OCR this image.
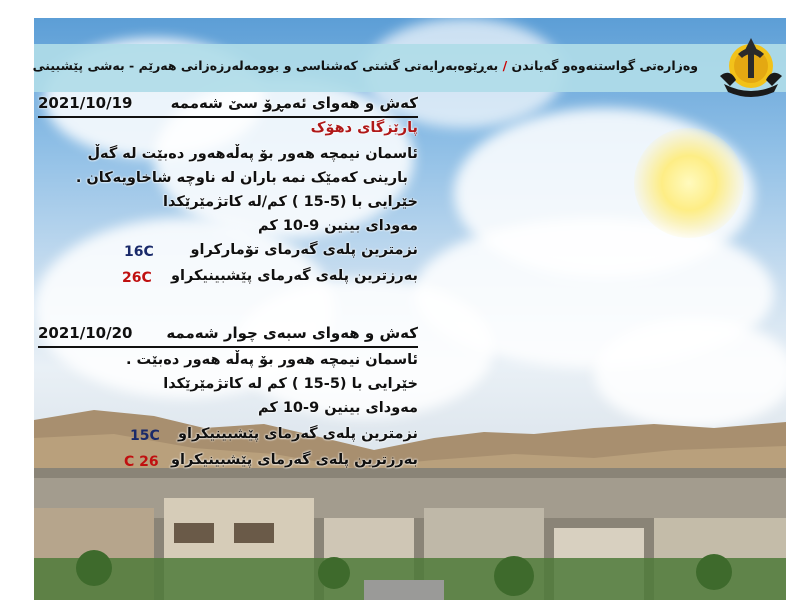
وەزارەتی گواستنەوەو گەیاندن / بەڕێوەبەرایەتی گشتی کەشناسی و بوومەلەرزەزانی هەرێم - بەشی پێشبینی
2021/10/19	کەش و هەوای ئەمڕۆ سێ شەممە
پارێزگای دهۆک
ئاسمان نیمچە هەور بۆ پەڵەهەور دەبێت لە گەڵ
بارینی کەمێک نمە باران لە ناوچە شاخاویەکان .
خێرایی با (5-15 ) کم/لە کاتژمێرێکدا
مەودای بینین 9-10 کم
نزمترین پلەی گەرمای تۆمارکراو
16C
بەرزترین پلەی گەرمای پێشبینیکراو
26C
2021/10/20 کەش و هەوای سبەی چوار شەممە
ئاسمان نیمچە هەور بۆ پەڵە هەور دەبێت .
خێرایی با (5-15 ) کم لە کاتژمێرێکدا
مەودای بینین 9-10 کم
نزمترین پلەی گەرمای پێشبینیکراو
15C
بەرزترین پلەی گەرمای پێشبینیکراو
26 C
